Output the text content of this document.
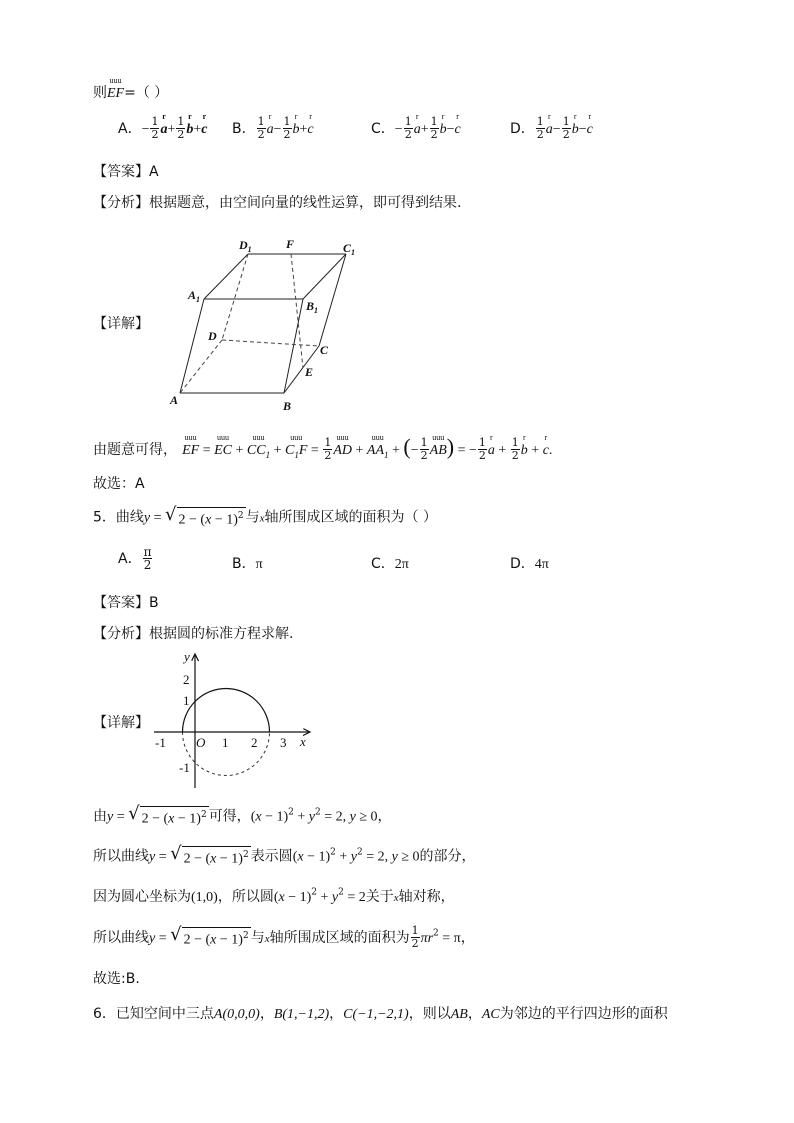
则
uuu
EF=（ ）
A．− $\frac{1}{2}$ r
$a+ \frac{1}{2}$ r
b+
r
c B． $\frac{1}{2}$ r
$a- \frac{1}{2}$ r
b+
r
c	C．− $\frac{1}{2}$ r
$a+ \frac{1}{2}$ r
b−
r
c	D． $\frac{1}{2}$ r
$a- \frac{1}{2}$ r
b−
r
c
【答案】A
【分析】根据题意，由空间向量的线性运算，即可得到结果.
【详解】
$D_1$	F	$C_1$
$A_1$	$B_1$
D
C
E
A	B
由题意可得，
uuu
EF =
uuu
EC +
uuu
$CC_1$ +
uuu
$C_1F = \frac{1}{2}$ uuu
AD +
uuu
$AA_1$ + (− $\frac{1}{2}$ uuu
AB) = − $\frac{1}{2}$ r
$a + \frac{1}{2}$ r
b +
r
c.
故选：A
5．曲线y = √ $2 - (x - 1)^2$ 与x轴所围成区域的面积为（ ）
A． $\frac{\pi}{2}$	B．π	C．2π	D．4π
【答案】B
【分析】根据圆的标准方程求解.
【详解】
y
x
O
2
1
-1
1 2 3
-1
由y = √ $2 - (x - 1)^2$ 可得，$(x - 1)^2 + y^2 = 2$, y ≥ 0，
所以曲线y = √ $2 - (x - 1)^2$ 表示圆$(x - 1)^2 + y^2 = 2$, y ≥ 0的部分，
因为圆心坐标为(1,0)，所以圆$(x - 1)^2 + y^2 = 2$关于x轴对称，
所以曲线y = √ $2 - (x - 1)^2$ 与x轴所围成区域的面积为 $\frac{1}{2} \pi r^2 = \pi$，
故选:B.
6．已知空间中三点A(0,0,0)，B(1,−1,2)，C(−1,−2,1)，则以AB，AC为邻边的平行四边形的面积
